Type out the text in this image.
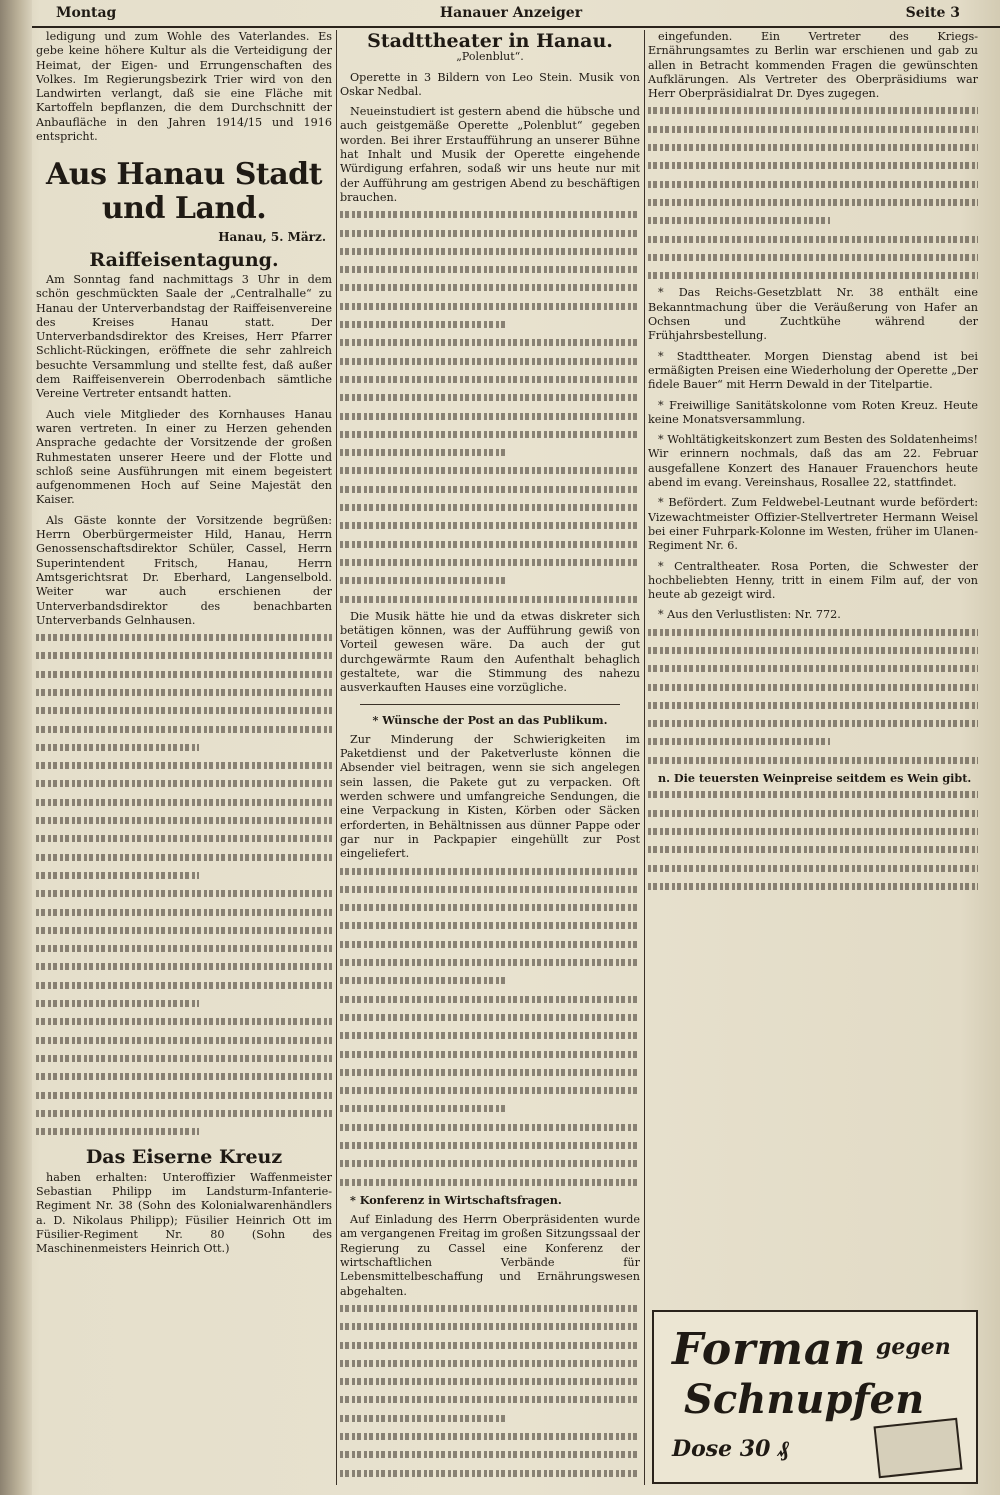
Montag	Hanauer Anzeiger	Seite 3

ledigung und zum Wohle des Vaterlandes. Es gebe keine höhere Kultur als die Verteidigung der Heimat, der Eigen- und Errungenschaften des Volkes. Im Regierungsbezirk Trier wird von den Landwirten verlangt, daß sie eine Fläche mit Kartoffeln bepflanzen, die dem Durchschnitt der Anbaufläche in den Jahren 1914/15 und 1916 entspricht.

Aus Hanau Stadt und Land.
Hanau, 5. März.
Raiffeisentagung.

Am Sonntag fand nachmittags 3 Uhr in dem schön geschmückten Saale der „Centralhalle“ zu Hanau der Unterverbandstag der Raiffeisenvereine des Kreises Hanau statt. Der Unterverbandsdirektor des Kreises, Herr Pfarrer Schlicht-Rückingen, eröffnete die sehr zahlreich besuchte Versammlung und stellte fest, daß außer dem Raiffeisenverein Oberrodenbach sämtliche Vereine Vertreter entsandt hatten.

Auch viele Mitglieder des Kornhauses Hanau waren vertreten. In einer zu Herzen gehenden Ansprache gedachte der Vorsitzende der großen Ruhmestaten unserer Heere und der Flotte und schloß seine Ausführungen mit einem begeistert aufgenommenen Hoch auf Seine Majestät den Kaiser.

Als Gäste konnte der Vorsitzende begrüßen: Herrn Oberbürgermeister Hild, Hanau, Herrn Genossenschaftsdirektor Schüler, Cassel, Herrn Superintendent Fritsch, Hanau, Herrn Amtsgerichtsrat Dr. Eberhard, Langenselbold. Weiter war auch erschienen der Unterverbandsdirektor des benachbarten Unterverbands Gelnhausen.

Das Eiserne Kreuz

haben erhalten: Unteroffizier Waffenmeister Sebastian Philipp im Landsturm-Infanterie-Regiment Nr. 38 (Sohn des Kolonialwarenhändlers a. D. Nikolaus Philipp); Füsilier Heinrich Ott im Füsilier-Regiment Nr. 80 (Sohn des Maschinenmeisters Heinrich Ott.)

Stadttheater in Hanau.
„Polenblut“.

Operette in 3 Bildern von Leo Stein. Musik von Oskar Nedbal.

Neueinstudiert ist gestern abend die hübsche und auch geistgemäße Operette „Polenblut“ gegeben worden. Bei ihrer Erstaufführung an unserer Bühne hat Inhalt und Musik der Operette eingehende Würdigung erfahren, sodaß wir uns heute nur mit der Aufführung am gestrigen Abend zu beschäftigen brauchen.

Die Musik hätte hie und da etwas diskreter sich betätigen können, was der Aufführung gewiß von Vorteil gewesen wäre. Da auch der gut durchgewärmte Raum den Aufenthalt behaglich gestaltete, war die Stimmung des nahezu ausverkauften Hauses eine vorzügliche.

* Wünsche der Post an das Publikum.

Zur Minderung der Schwierigkeiten im Paketdienst und der Paketverluste können die Absender viel beitragen, wenn sie sich angelegen sein lassen, die Pakete gut zu verpacken. Oft werden schwere und umfangreiche Sendungen, die eine Verpackung in Kisten, Körben oder Säcken erforderten, in Behältnissen aus dünner Pappe oder gar nur in Packpapier eingehüllt zur Post eingeliefert.

* Konferenz in Wirtschaftsfragen.

Auf Einladung des Herrn Oberpräsidenten wurde am vergangenen Freitag im großen Sitzungssaal der Regierung zu Cassel eine Konferenz der wirtschaftlichen Verbände für Lebensmittelbeschaffung und Ernährungswesen abgehalten.

eingefunden. Ein Vertreter des Kriegs-Ernährungsamtes zu Berlin war erschienen und gab zu allen in Betracht kommenden Fragen die gewünschten Aufklärungen. Als Vertreter des Oberpräsidiums war Herr Oberpräsidialrat Dr. Dyes zugegen.

* Das Reichs-Gesetzblatt Nr. 38 enthält eine Bekanntmachung über die Veräußerung von Hafer an Ochsen und Zuchtkühe während der Frühjahrsbestellung.

* Stadttheater. Morgen Dienstag abend ist bei ermäßigten Preisen eine Wiederholung der Operette „Der fidele Bauer“ mit Herrn Dewald in der Titelpartie.

* Freiwillige Sanitätskolonne vom Roten Kreuz. Heute keine Monatsversammlung.

* Wohltätigkeitskonzert zum Besten des Soldatenheims! Wir erinnern nochmals, daß das am 22. Februar ausgefallene Konzert des Hanauer Frauenchors heute abend im evang. Vereinshaus, Rosallee 22, stattfindet.

* Befördert. Zum Feldwebel-Leutnant wurde befördert: Vizewachtmeister Offizier-Stellvertreter Hermann Weisel bei einer Fuhrpark-Kolonne im Westen, früher im Ulanen-Regiment Nr. 6.

* Centraltheater. Rosa Porten, die Schwester der hochbeliebten Henny, tritt in einem Film auf, der von heute ab gezeigt wird.

* Aus den Verlustlisten: Nr. 772.

n. Die teuersten Weinpreise seitdem es Wein gibt.

Forman gegen
Schnupfen
Dose 30 ₰
